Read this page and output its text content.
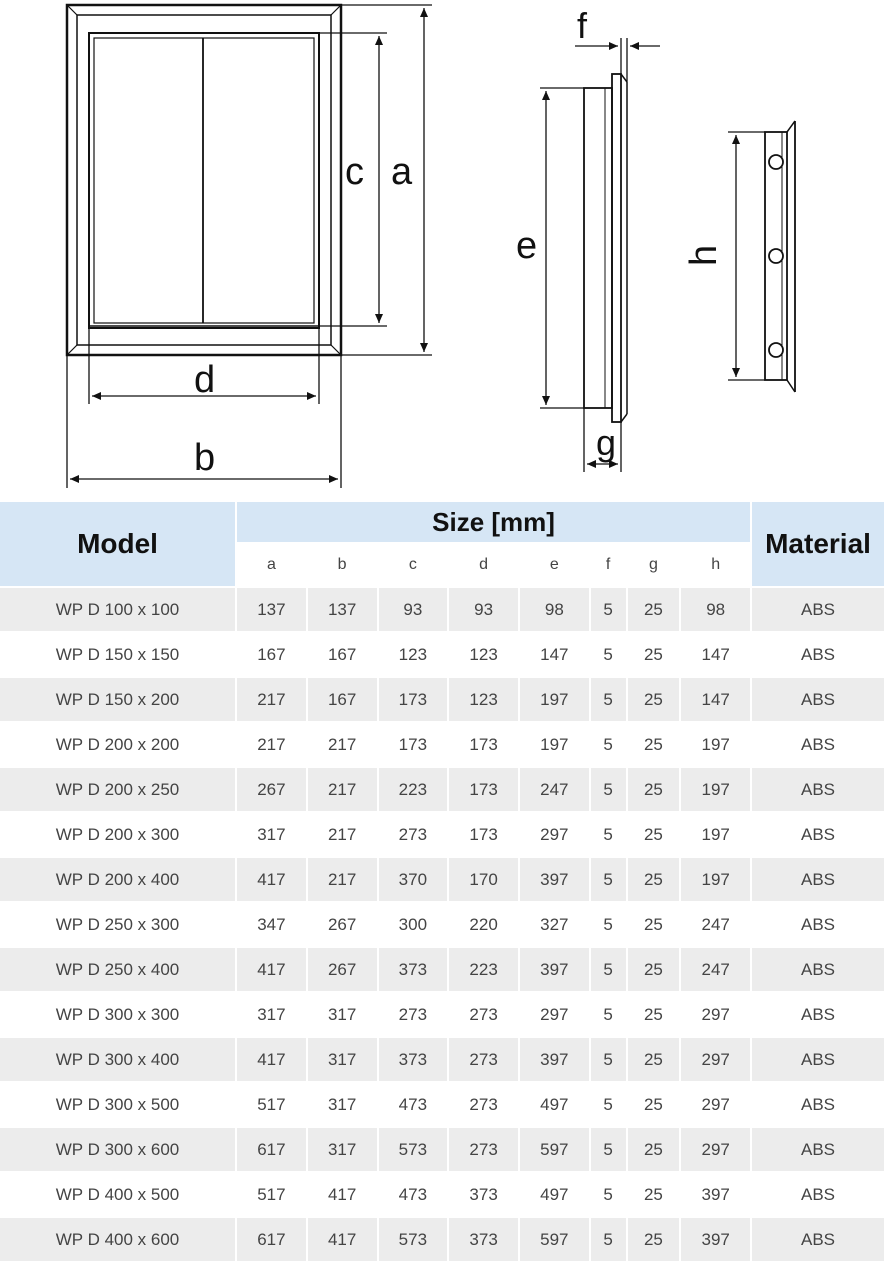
a
c
d
b
e
f
g
h
Model	Size [mm]								Material
	a	b	c	d	e	f	g	h	
WP D 100 x 100	137	137	93	93	98	5	25	98	ABS
WP D 150 x 150	167	167	123	123	147	5	25	147	ABS
WP D 150 x 200	217	167	173	123	197	5	25	147	ABS
WP D 200 x 200	217	217	173	173	197	5	25	197	ABS
WP D 200 x 250	267	217	223	173	247	5	25	197	ABS
WP D 200 x 300	317	217	273	173	297	5	25	197	ABS
WP D 200 x 400	417	217	370	170	397	5	25	197	ABS
WP D 250 x 300	347	267	300	220	327	5	25	247	ABS
WP D 250 x 400	417	267	373	223	397	5	25	247	ABS
WP D 300 x 300	317	317	273	273	297	5	25	297	ABS
WP D 300 x 400	417	317	373	273	397	5	25	297	ABS
WP D 300 x 500	517	317	473	273	497	5	25	297	ABS
WP D 300 x 600	617	317	573	273	597	5	25	297	ABS
WP D 400 x 500	517	417	473	373	497	5	25	397	ABS
WP D 400 x 600	617	417	573	373	597	5	25	397	ABS
